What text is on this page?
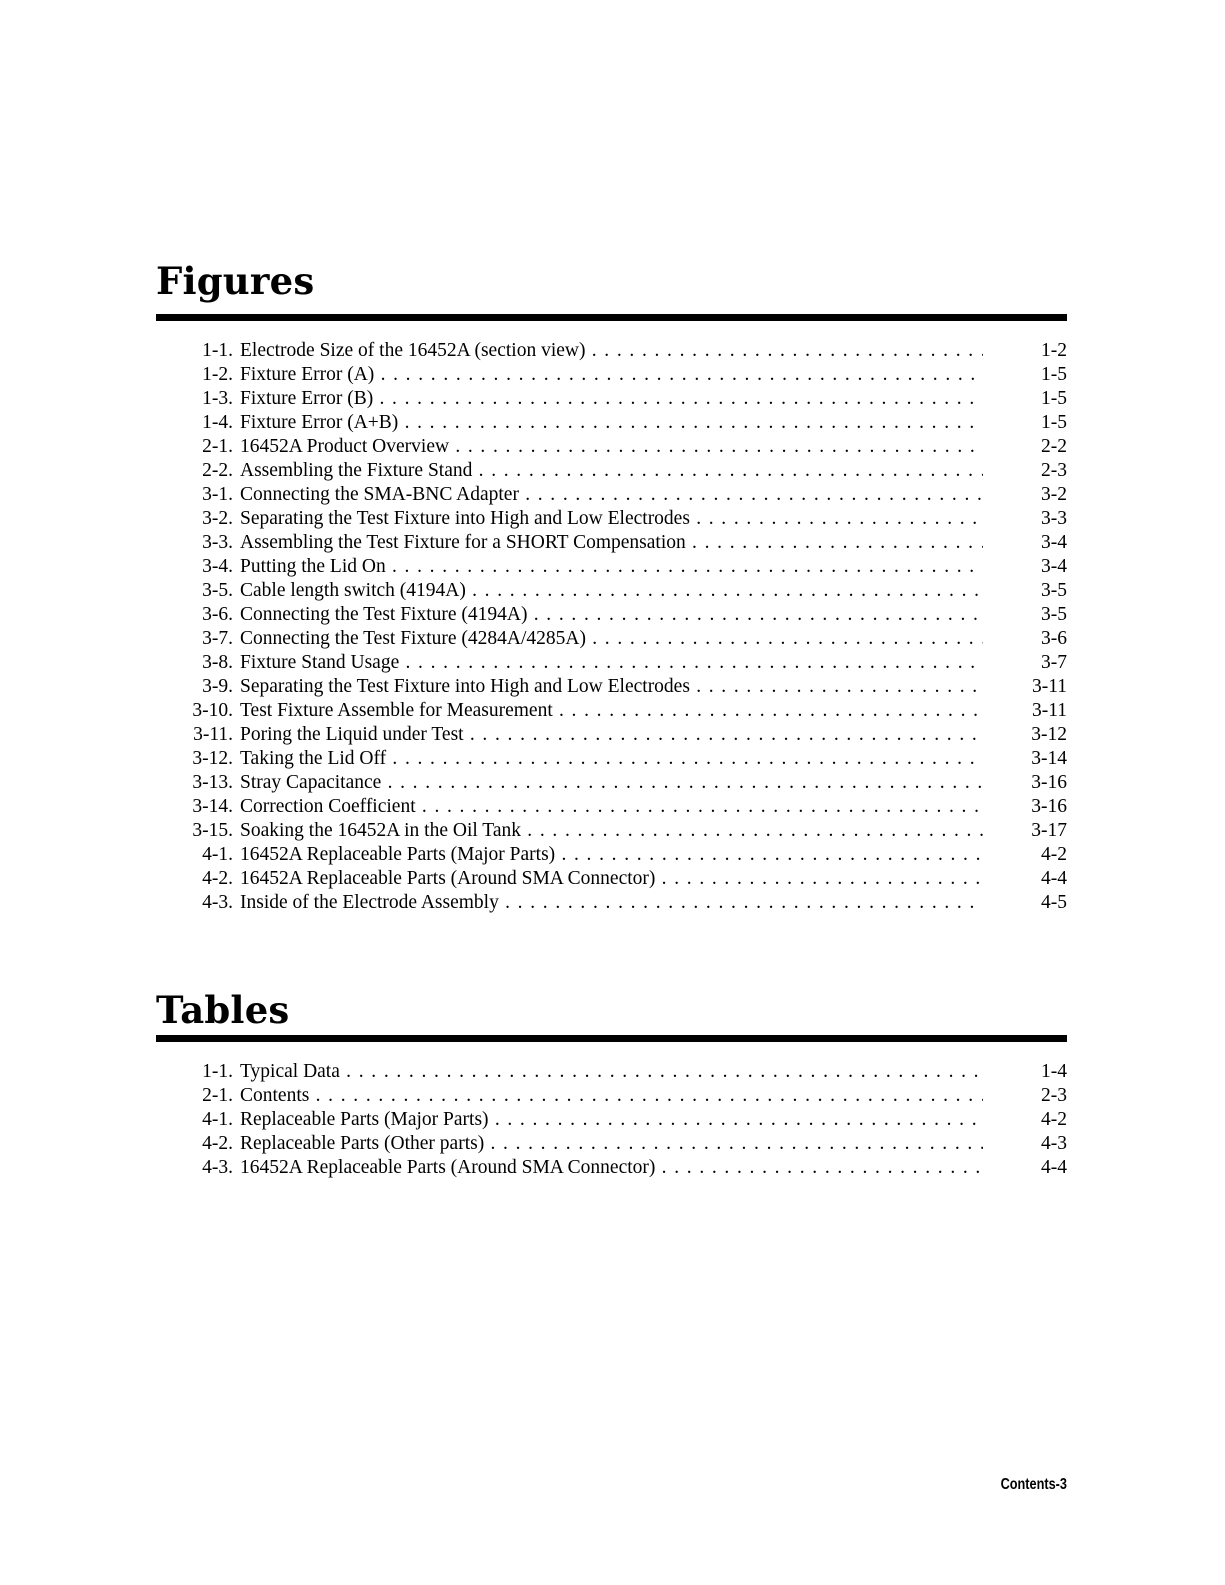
Figures
1-1. Electrode Size of the 16452A (section view) . . .	1-2
1-2. Fixture Error (A) . . .	1-5
1-3. Fixture Error (B) . . .	1-5
1-4. Fixture Error (A+B) . . .	1-5
2-1. 16452A Product Overview . . .	2-2
2-2. Assembling the Fixture Stand . . .	2-3
3-1. Connecting the SMA-BNC Adapter . . .	3-2
3-2. Separating the Test Fixture into High and Low Electrodes . . .	3-3
3-3. Assembling the Test Fixture for a SHORT Compensation . . .	3-4
3-4. Putting the Lid On . . .	3-4
3-5. Cable length switch (4194A) . . .	3-5
3-6. Connecting the Test Fixture (4194A) . . .	3-5
3-7. Connecting the Test Fixture (4284A/4285A) . . .	3-6
3-8. Fixture Stand Usage . . .	3-7
3-9. Separating the Test Fixture into High and Low Electrodes . . .	3-11
3-10. Test Fixture Assemble for Measurement . . .	3-11
3-11. Poring the Liquid under Test . . .	3-12
3-12. Taking the Lid Off . . .	3-14
3-13. Stray Capacitance . . .	3-16
3-14. Correction Coefficient . . .	3-16
3-15. Soaking the 16452A in the Oil Tank . . .	3-17
4-1. 16452A Replaceable Parts (Major Parts) . . .	4-2
4-2. 16452A Replaceable Parts (Around SMA Connector) . . .	4-4
4-3. Inside of the Electrode Assembly . . .	4-5
Tables
1-1. Typical Data . . .	1-4
2-1. Contents . . .	2-3
4-1. Replaceable Parts (Major Parts) . . .	4-2
4-2. Replaceable Parts (Other parts) . . .	4-3
4-3. 16452A Replaceable Parts (Around SMA Connector) . . .	4-4
Contents-3
